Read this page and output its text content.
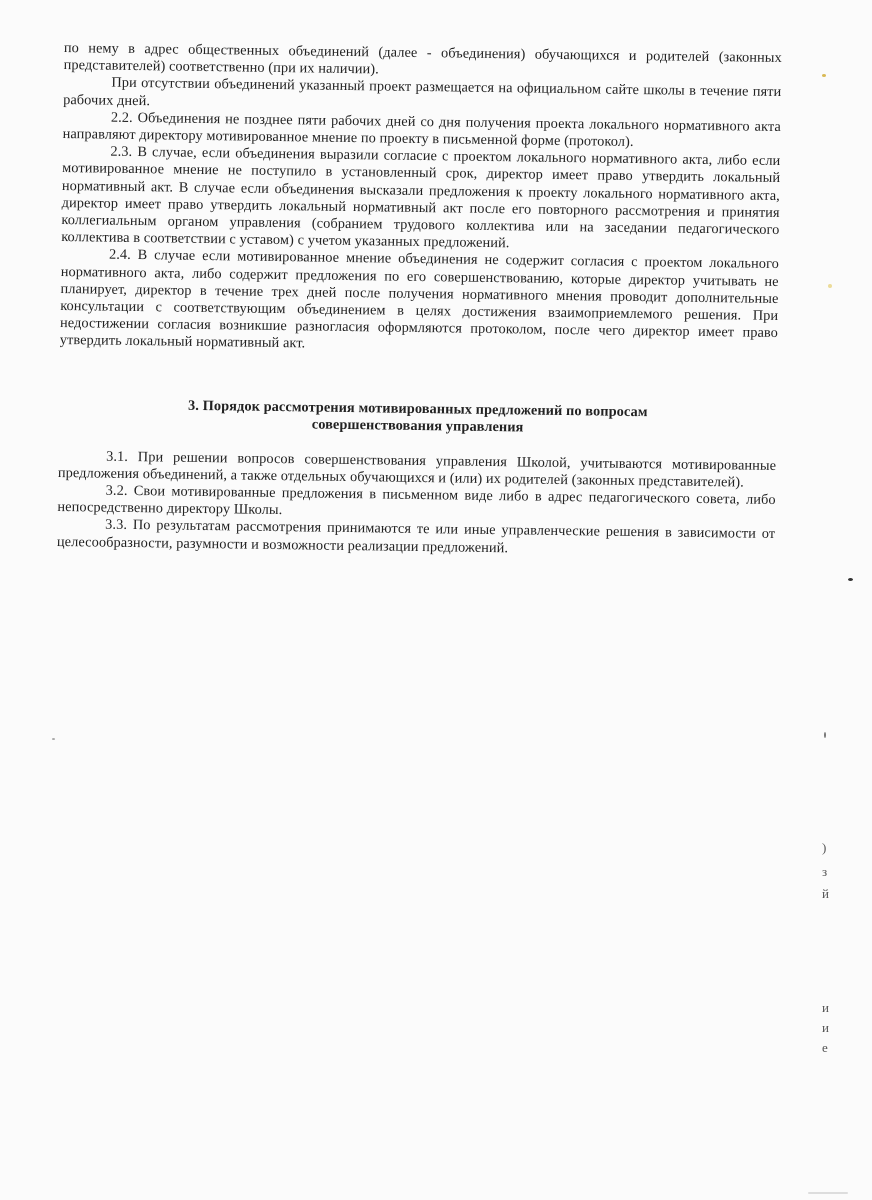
по нему в адрес общественных объединений (далее - объединения) обучающихся и родителей (законных представителей) соответственно (при их наличии).

При отсутствии объединений указанный проект размещается на официальном сайте школы в течение пяти рабочих дней.

2.2. Объединения не позднее пяти рабочих дней со дня получения проекта локального нормативного акта направляют директору мотивированное мнение по проекту в письменной форме (протокол).

2.3. В случае, если объединения выразили согласие с проектом локального нормативного акта, либо если мотивированное мнение не поступило в установленный срок, директор имеет право утвердить локальный нормативный акт. В случае если объединения высказали предложения к проекту локального нормативного акта, директор имеет право утвердить локальный нормативный акт после его повторного рассмотрения и принятия коллегиальным органом управления (собранием трудового коллектива или на заседании педагогического коллектива в соответствии с уставом) с учетом указанных предложений.

2.4. В случае если мотивированное мнение объединения не содержит согласия с проектом локального нормативного акта, либо содержит предложения по его совершенствованию, которые директор учитывать не планирует, директор в течение трех дней после получения нормативного мнения проводит дополнительные консультации с соответствующим объединением в целях достижения взаимоприемлемого решения. При недостижении согласия возникшие разногласия оформляются протоколом, после чего директор имеет право утвердить локальный нормативный акт.

3. Порядок рассмотрения мотивированных предложений по вопросам
совершенствования управления

3.1. При решении вопросов совершенствования управления Школой, учитываются мотивированные предложения объединений, а также отдельных обучающихся и (или) их родителей (законных представителей).

3.2. Свои мотивированные предложения в письменном виде либо в адрес педагогического совета, либо непосредственно директору Школы.

3.3. По результатам рассмотрения принимаются те или иные управленческие решения в зависимости от целесообразности, разумности и возможности реализации предложений.

)
з
й
и
и
е
